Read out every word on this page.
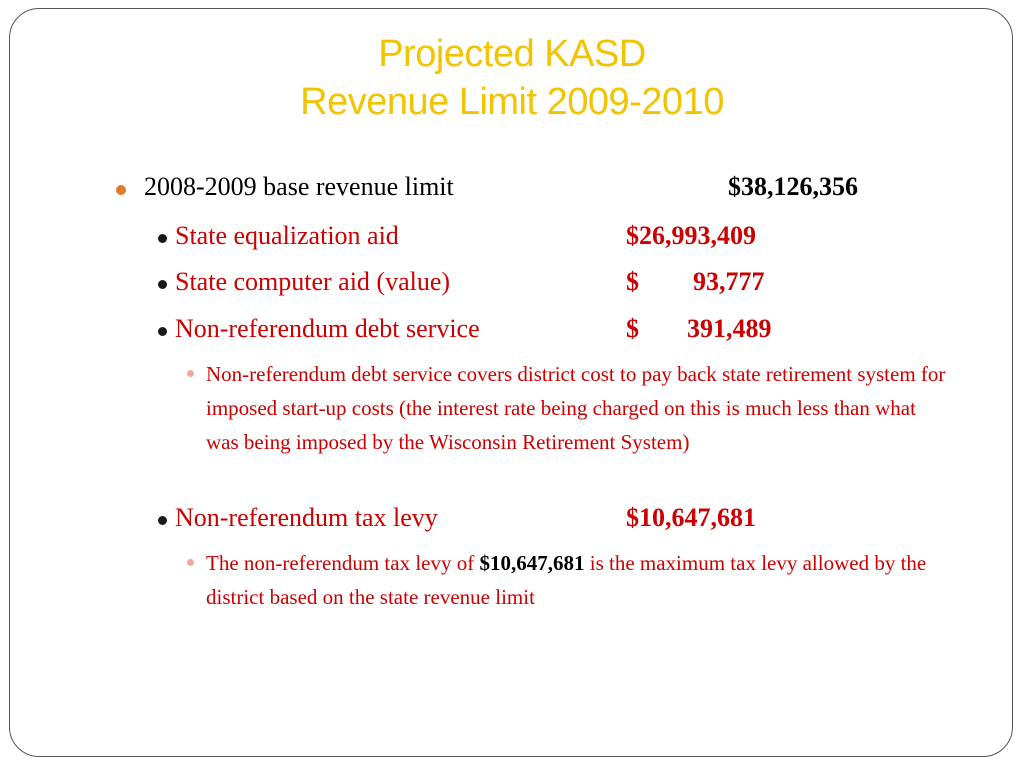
Projected KASD
Revenue Limit 2009-2010
2008-2009 base revenue limit	$38,126,356
State equalization aid	$26,993,409
State computer aid (value)	$ 93,777
Non-referendum debt service	$ 391,489
Non-referendum debt service covers district cost to pay back state retirement system for imposed start-up costs (the interest rate being charged on this is much less than what was being imposed by the Wisconsin Retirement System)
Non-referendum tax levy	$10,647,681
The non-referendum tax levy of $10,647,681 is the maximum tax levy allowed by the district based on the state revenue limit
